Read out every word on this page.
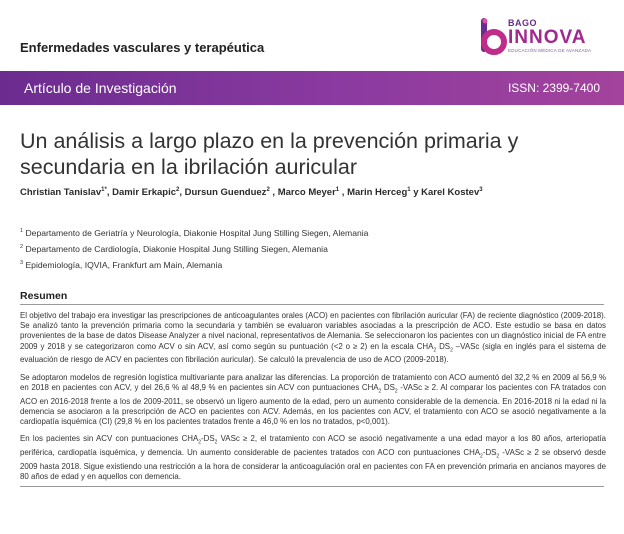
Enfermedades vasculares y terapéutica
BAGO
INNOVA
EDUCACIÓN MÉDICA DE AVANZADA
Artículo de Investigación	ISSN: 2399-7400
Un análisis a largo plazo en la prevención primaria y secundaria en la ibrilación auricular
Christian Tanislav$^{1*}$, Damir Erkapic$^2$, Dursun Guenduez$^2$ , Marco Meyer$^1$ , Marin Herceg$^1$ y Karel Kostev$^3$
$^1$ Departamento de Geriatría y Neurología, Diakonie Hospital Jung Stilling Siegen, Alemania
$^2$ Departamento de Cardiología, Diakonie Hospital Jung Stilling Siegen, Alemania
$^3$ Epidemiología, IQVIA, Frankfurt am Main, Alemania
Resumen

El objetivo del trabajo era investigar las prescripciones de anticoagulantes orales (ACO) en pacientes con fibrilación auricular (FA) de reciente diagnóstico (2009-2018). Se analizó tanto la prevención primaria como la secundaria y también se evaluaron variables asociadas a la prescripción de ACO. Este estudio se basa en datos provenientes de la base de datos Disease Analyzer a nivel nacional, representativos de Alemania. Se seleccionaron los pacientes con un diagnóstico inicial de FA entre 2009 y 2018 y se categorizaron como ACV o sin ACV, así como según su puntuación (<2 o ≥ 2) en la escala $CHA_2$ $DS_2$ –VASc (sigla en inglés para el sistema de evaluación de riesgo de ACV en pacientes con fibrilación auricular). Se calculó la prevalencia de uso de ACO (2009-2018).

Se adoptaron modelos de regresión logística multivariante para analizar las diferencias. La proporción de tratamiento con ACO aumentó del 32,2 % en 2009 al 56,9 % en 2018 en pacientes con ACV, y del 26,6 % al 48,9 % en pacientes sin ACV con puntuaciones $CHA_2$ $DS_2$ -VASc ≥ 2. Al comparar los pacientes con FA tratados con ACO en 2016-2018 frente a los de 2009-2011, se observó un ligero aumento de la edad, pero un aumento considerable de la demencia. En 2016-2018 ni la edad ni la demencia se asociaron a la prescripción de ACO en pacientes con ACV. Además, en los pacientes con ACV, el tratamiento con ACO se asoció negativamente a la cardiopatía isquémica (CI) (29,8 % en los pacientes tratados frente a 46,0 % en los no tratados, p<0,001).

En los pacientes sin ACV con puntuaciones $CHA_2-DS_2$ VASc ≥ 2, el tratamiento con ACO se asoció negativamente a una edad mayor a los 80 años, arteriopatía periférica, cardiopatía isquémica, y demencia. Un aumento considerable de pacientes tratados con ACO con puntuaciones $CHA_2-DS_2$ -VASc ≥ 2 se observó desde 2009 hasta 2018. Sigue existiendo una restricción a la hora de considerar la anticoagulación oral en pacientes con FA en prevención primaria en ancianos mayores de 80 años de edad y en aquellos con demencia.
